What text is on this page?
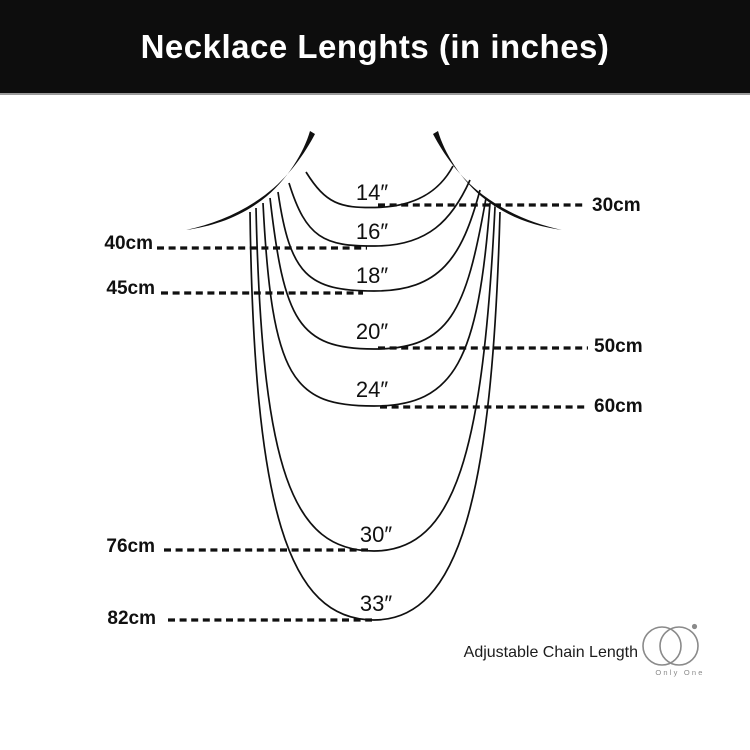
Necklace Lenghts (in inches)
14″
16″
18″
20″
24″
30″
33″
30cm
40cm
45cm
50cm
60cm
76cm
82cm
Adjustable Chain Length
Only One
